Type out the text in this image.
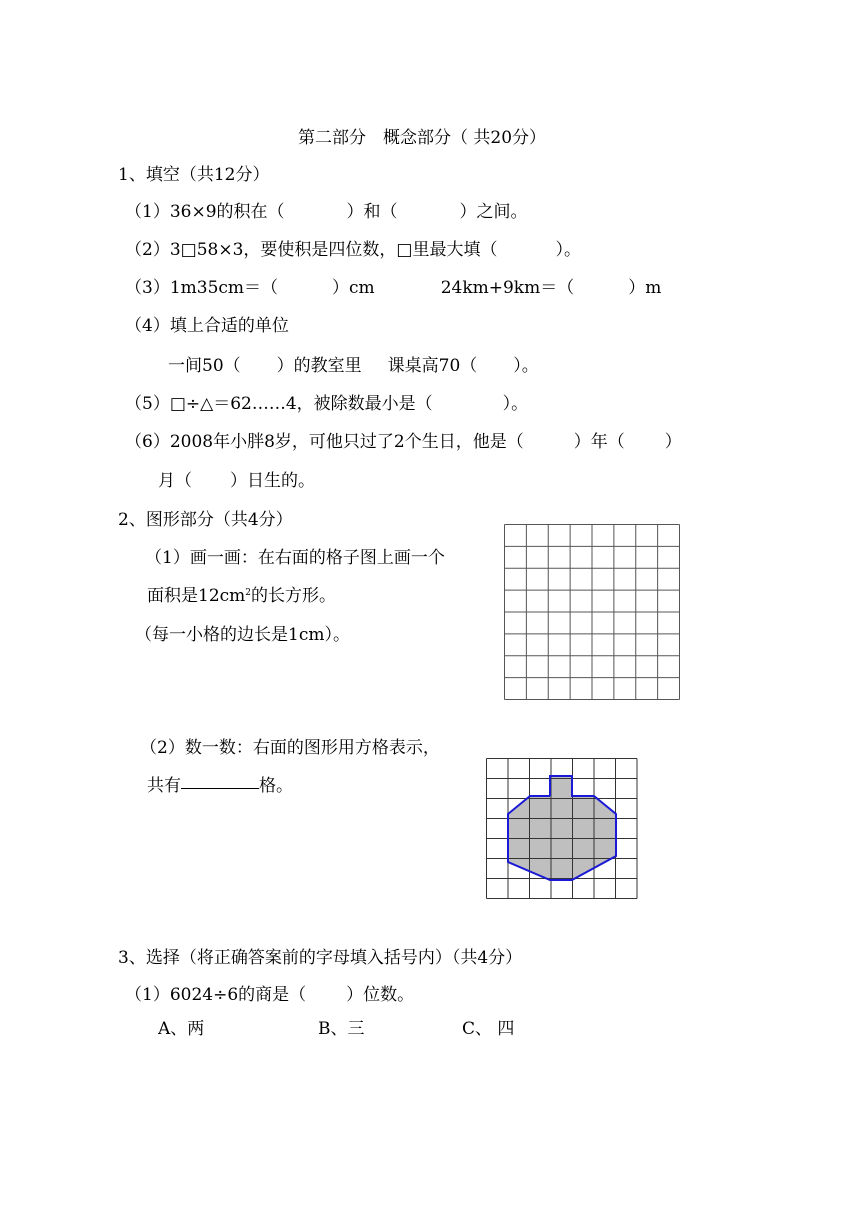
第二部分　概念部分（ 共20分）
1、填空（共12分）
（1）36×9的积在（	）和（	）之间。
（2）3□58×3，要使积是四位数，□里最大填（	）。
（3）1m35cm＝（	）cm	24km+9km＝（	）m
（4）填上合适的单位
一间50（ ）的教室里 课桌高70（ ）。
（5）□÷△＝62……4，被除数最小是（	）。
（6）2008年小胖8岁，可他只过了2个生日，他是（	）年（ ）
月（ ）日生的。
2、图形部分（共4分）
（1）画一画：在右面的格子图上画一个
面积是$12cm^2$的长方形。
（每一小格的边长是1cm）。
（2）数一数：右面的图形用方格表示，
共有	格。
3、选择（将正确答案前的字母填入括号内）（共4分）
（1）6024÷6的商是（ ）位数。
A、两	B、三	C、 四
